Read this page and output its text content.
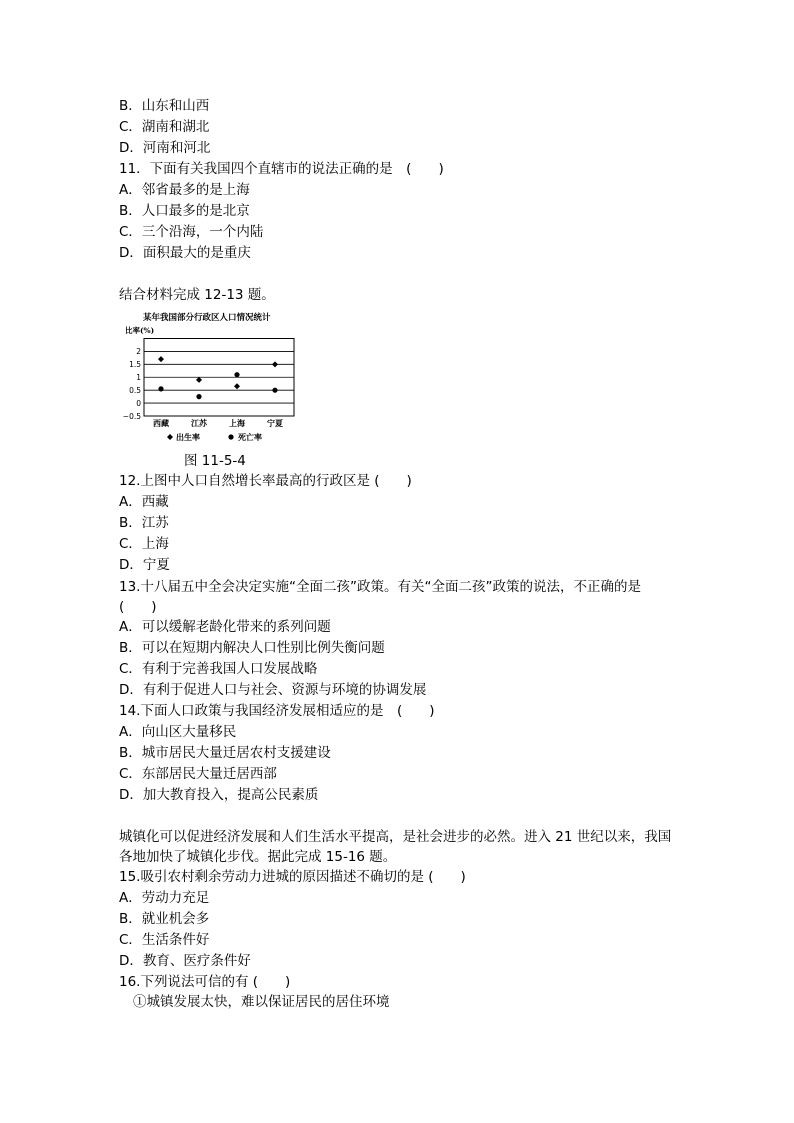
B．山东和山西
C．湖南和湖北
D．河南和河北
11．下面有关我国四个直辖市的说法正确的是　(　　)
A．邻省最多的是上海
B．人口最多的是北京
C．三个沿海，一个内陆
D．面积最大的是重庆
结合材料完成 12-13 题。
某年我国部分行政区人口情况统计
比率(%)
2
1.5
1
0.5
0
−0.5
西藏	江苏	上海	宁夏
出生率	死亡率
图 11-5-4
12.上图中人口自然增长率最高的行政区是 (　　)
A．西藏
B．江苏
C．上海
D．宁夏
13.十八届五中全会决定实施“全面二孩”政策。有关“全面二孩”政策的说法，不正确的是 (　　)
A．可以缓解老龄化带来的系列问题
B．可以在短期内解决人口性别比例失衡问题
C．有利于完善我国人口发展战略
D．有利于促进人口与社会、资源与环境的协调发展
14.下面人口政策与我国经济发展相适应的是　(　　)
A．向山区大量移民
B．城市居民大量迁居农村支援建设
C．东部居民大量迁居西部
D．加大教育投入，提高公民素质
城镇化可以促进经济发展和人们生活水平提高，是社会进步的必然。进入 21 世纪以来，我国各地加快了城镇化步伐。据此完成 15-16 题。
15.吸引农村剩余劳动力进城的原因描述不确切的是 (　　)
A．劳动力充足
B．就业机会多
C．生活条件好
D．教育、医疗条件好
16.下列说法可信的有 (　　)
①城镇发展太快，难以保证居民的居住环境
